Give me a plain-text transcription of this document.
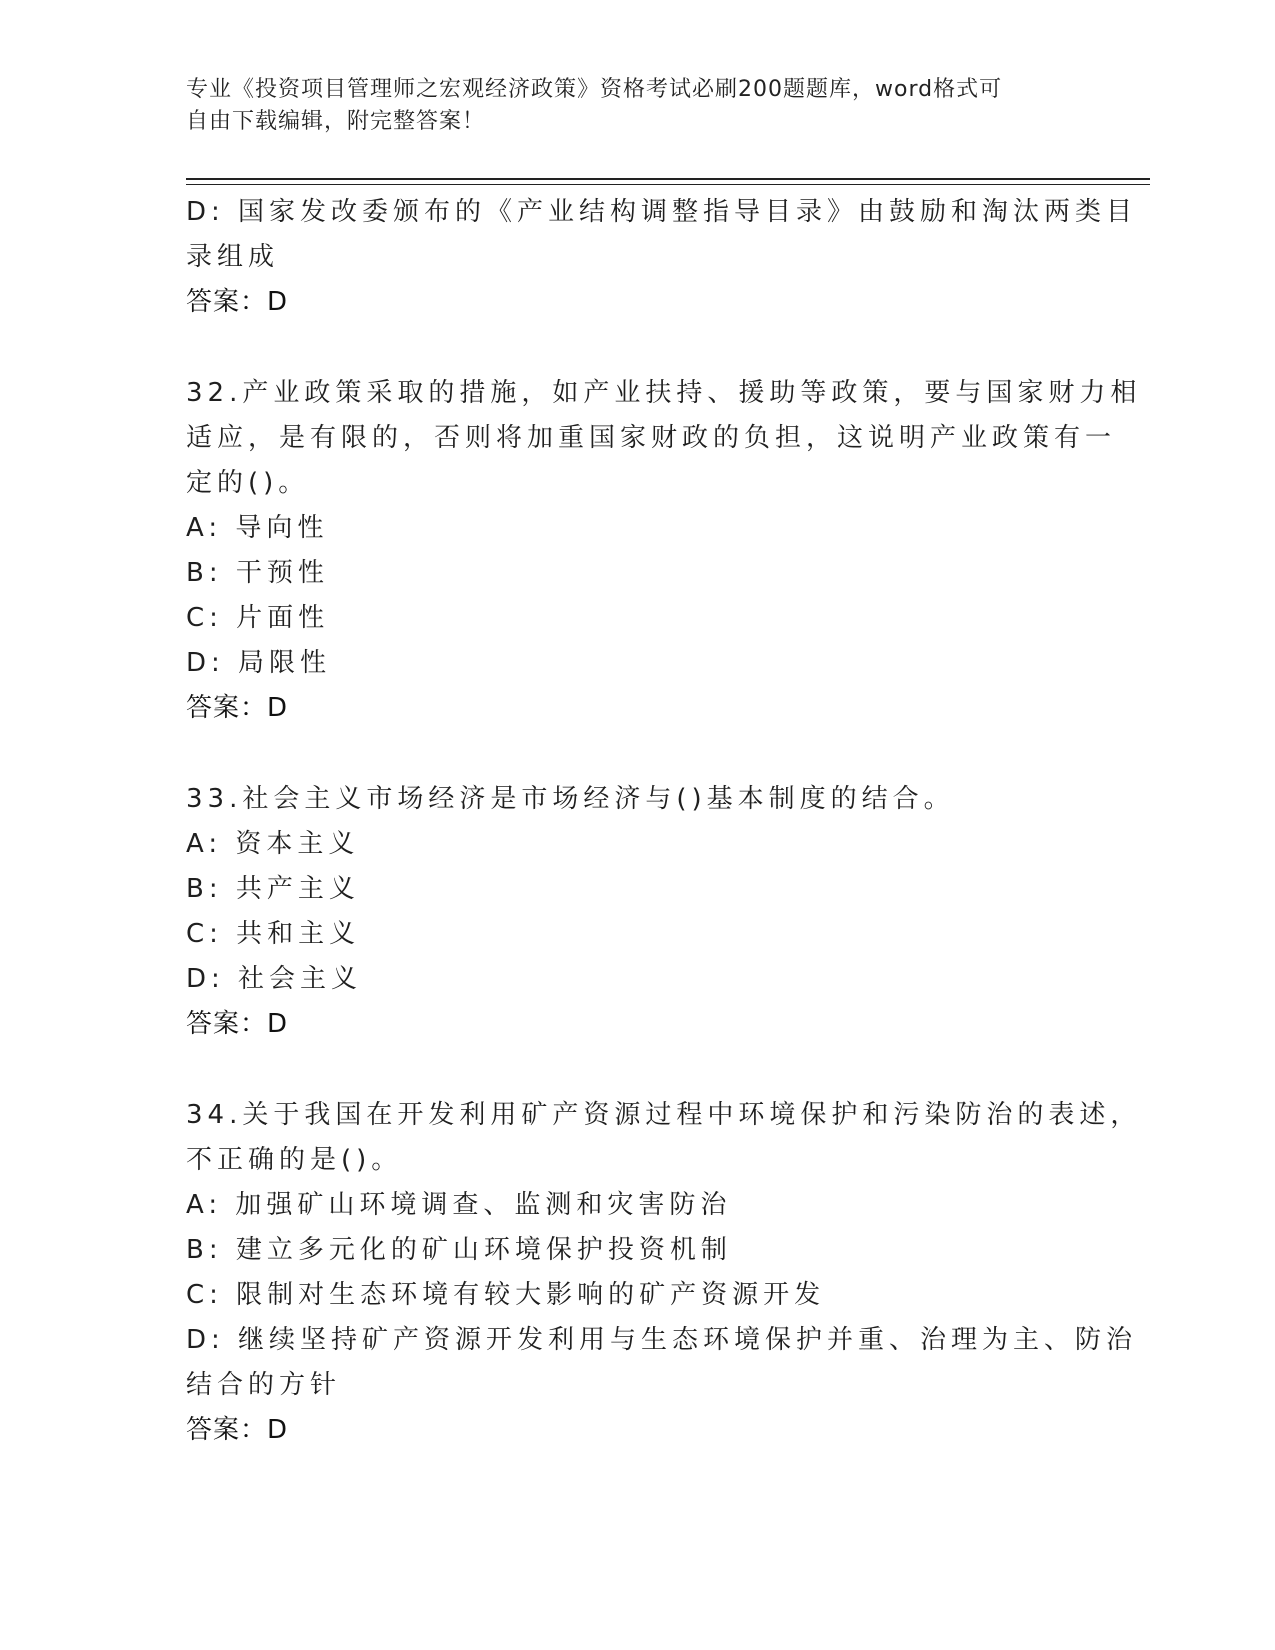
专业《投资项目管理师之宏观经济政策》资格考试必刷200题题库，word格式可
自由下载编辑，附完整答案！
D: 国家发改委颁布的《产业结构调整指导目录》由鼓励和淘汰两类目
录组成
答案：D
32.产业政策采取的措施，如产业扶持、援助等政策，要与国家财力相
适应，是有限的，否则将加重国家财政的负担，这说明产业政策有一
定的()。
A: 导向性
B: 干预性
C: 片面性
D: 局限性
答案：D
33.社会主义市场经济是市场经济与()基本制度的结合。
A: 资本主义
B: 共产主义
C: 共和主义
D: 社会主义
答案：D
34.关于我国在开发利用矿产资源过程中环境保护和污染防治的表述，
不正确的是()。
A: 加强矿山环境调查、监测和灾害防治
B: 建立多元化的矿山环境保护投资机制
C: 限制对生态环境有较大影响的矿产资源开发
D: 继续坚持矿产资源开发利用与生态环境保护并重、治理为主、防治
结合的方针
答案：D
